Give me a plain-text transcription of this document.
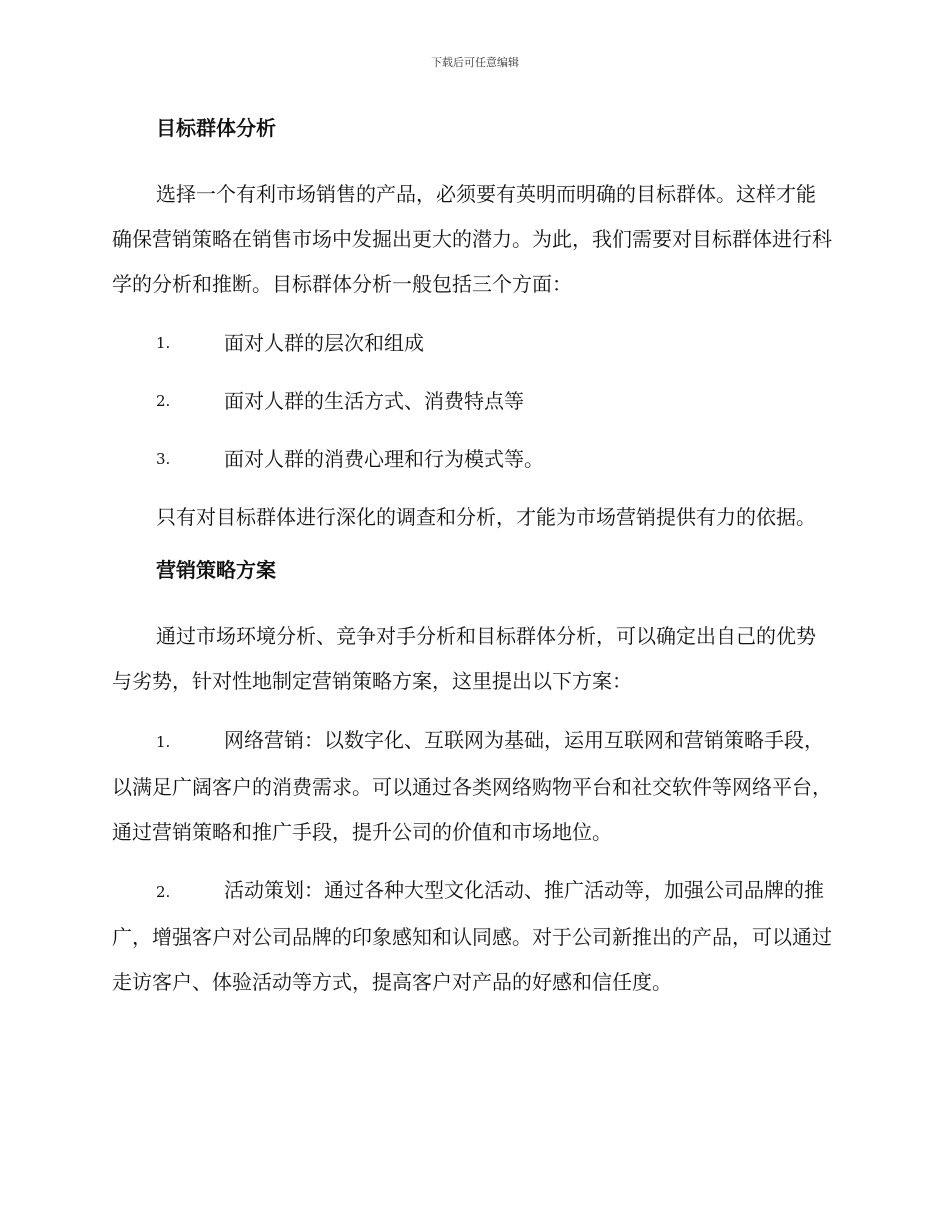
下载后可任意编辑
目标群体分析

选择一个有利市场销售的产品，必须要有英明而明确的目标群体。这样才能确保营销策略在销售市场中发掘出更大的潜力。为此，我们需要对目标群体进行科学的分析和推断。目标群体分析一般包括三个方面：

1.	面对人群的层次和组成
2.	面对人群的生活方式、消费特点等
3.	面对人群的消费心理和行为模式等。

只有对目标群体进行深化的调查和分析，才能为市场营销提供有力的依据。

营销策略方案

通过市场环境分析、竞争对手分析和目标群体分析，可以确定出自己的优势与劣势，针对性地制定营销策略方案，这里提出以下方案：

1.	网络营销：以数字化、互联网为基础，运用互联网和营销策略手段，以满足广阔客户的消费需求。可以通过各类网络购物平台和社交软件等网络平台，通过营销策略和推广手段，提升公司的价值和市场地位。
2.	活动策划：通过各种大型文化活动、推广活动等，加强公司品牌的推广，增强客户对公司品牌的印象感知和认同感。对于公司新推出的产品，可以通过走访客户、体验活动等方式，提高客户对产品的好感和信任度。
